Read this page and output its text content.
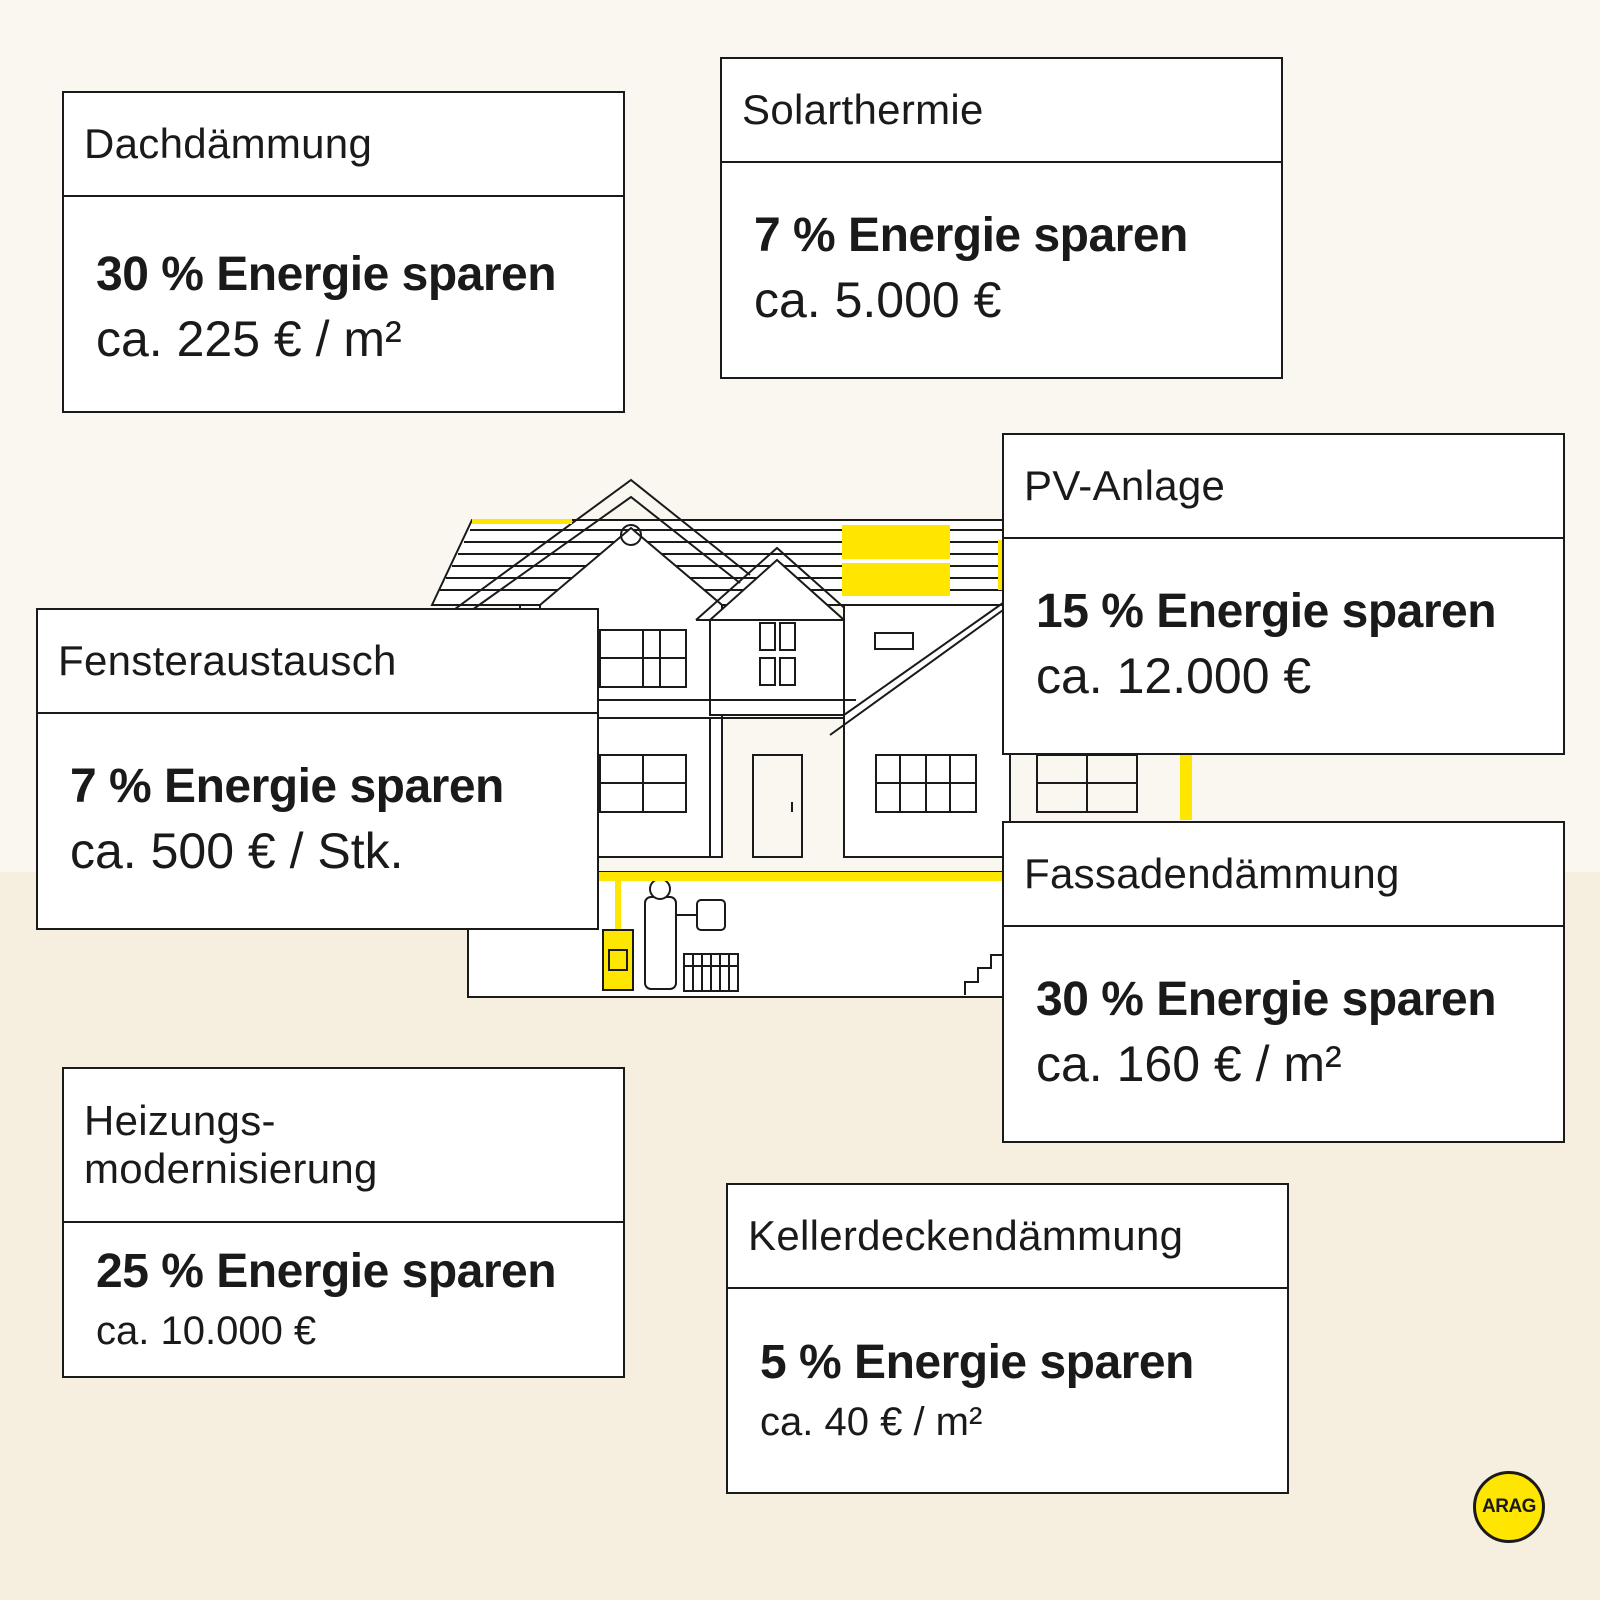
Dachdämmung
30 % Energie sparen
ca. 225 € / m²
Solarthermie
7 % Energie sparen
ca. 5.000 €
PV-Anlage
15 % Energie sparen
ca. 12.000 €
Fensteraustausch
7 % Energie sparen
ca. 500 € / Stk.	Fassadendämmung
30 % Energie sparen
ca. 160 € / m²
Heizungs-
modernisierung
25 % Energie sparen
ca. 10.000 €
Kellerdeckendämmung
5 % Energie sparen
ca. 40 € / m²
ARAG
